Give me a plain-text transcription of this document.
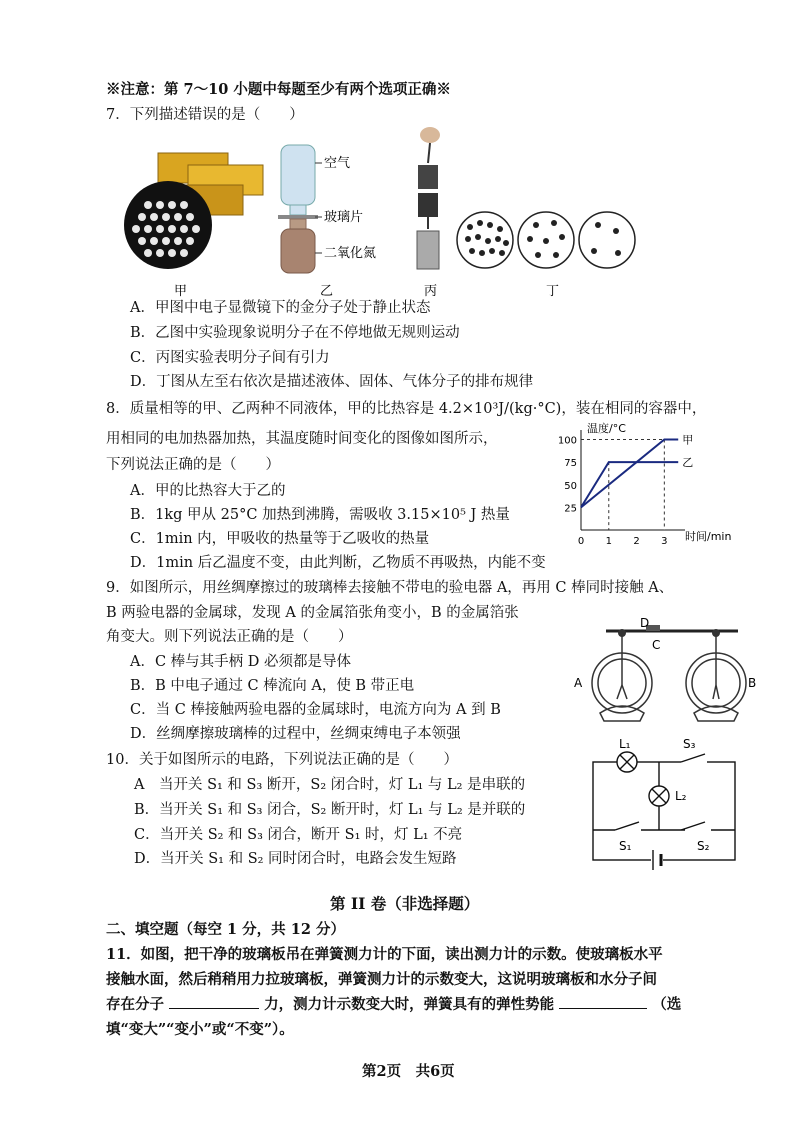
※注意：第 7～10 小题中每题至少有两个选项正确※
7．下列描述错误的是（　　）
空气
玻璃片
二氧化氮
甲	乙	丙	丁
A．甲图中电子显微镜下的金分子处于静止状态
B．乙图中实验现象说明分子在不停地做无规则运动
C．丙图实验表明分子间有引力
D．丁图从左至右依次是描述液体、固体、气体分子的排布规律
8．质量相等的甲、乙两种不同液体，甲的比热容是 4.2×10³J/(kg·°C)，装在相同的容器中，
用相同的电加热器加热，其温度随时间变化的图像如图所示，
下列说法正确的是（　　）
A．甲的比热容大于乙的
B．1kg 甲从 25°C 加热到沸腾，需吸收 3.15×10⁵ J 热量
C．1min 内，甲吸收的热量等于乙吸收的热量
D．1min 后乙温度不变，由此判断，乙物质不再吸热，内能不变
温度/°C
时间/min
25
50
75
100
0 1 2 3
甲
乙
9．如图所示，用丝绸摩擦过的玻璃棒去接触不带电的验电器 A，再用 C 棒同时接触 A、
B 两验电器的金属球，发现 A 的金属箔张角变小，B 的金属箔张
角变大。则下列说法正确的是（　　）
A．C 棒与其手柄 D 必须都是导体
B．B 中电子通过 C 棒流向 A，使 B 带正电
C．当 C 棒接触两验电器的金属球时，电流方向为 A 到 B
D．丝绸摩擦玻璃棒的过程中，丝绸束缚电子本领强
D
C
A	B
10．关于如图所示的电路，下列说法正确的是（　　）
A　当开关 S₁ 和 S₃ 断开，S₂ 闭合时，灯 L₁ 与 L₂ 是串联的
B．当开关 S₁ 和 S₃ 闭合，S₂ 断开时，灯 L₁ 与 L₂ 是并联的
C．当开关 S₂ 和 S₃ 闭合，断开 S₁ 时，灯 L₁ 不亮
D．当开关 S₁ 和 S₂ 同时闭合时，电路会发生短路
L₁
L₂
S₃
S₁	S₂
第 II 卷（非选择题）
二、填空题（每空 1 分，共 12 分）
11．如图，把干净的玻璃板吊在弹簧测力计的下面，读出测力计的示数。使玻璃板水平
接触水面，然后稍稍用力拉玻璃板，弹簧测力计的示数变大，这说明玻璃板和水分子间
存在分子	力，测力计示数变大时，弹簧具有的弹性势能	（选
填“变大”“变小”或“不变”）。
第2页　共6页
